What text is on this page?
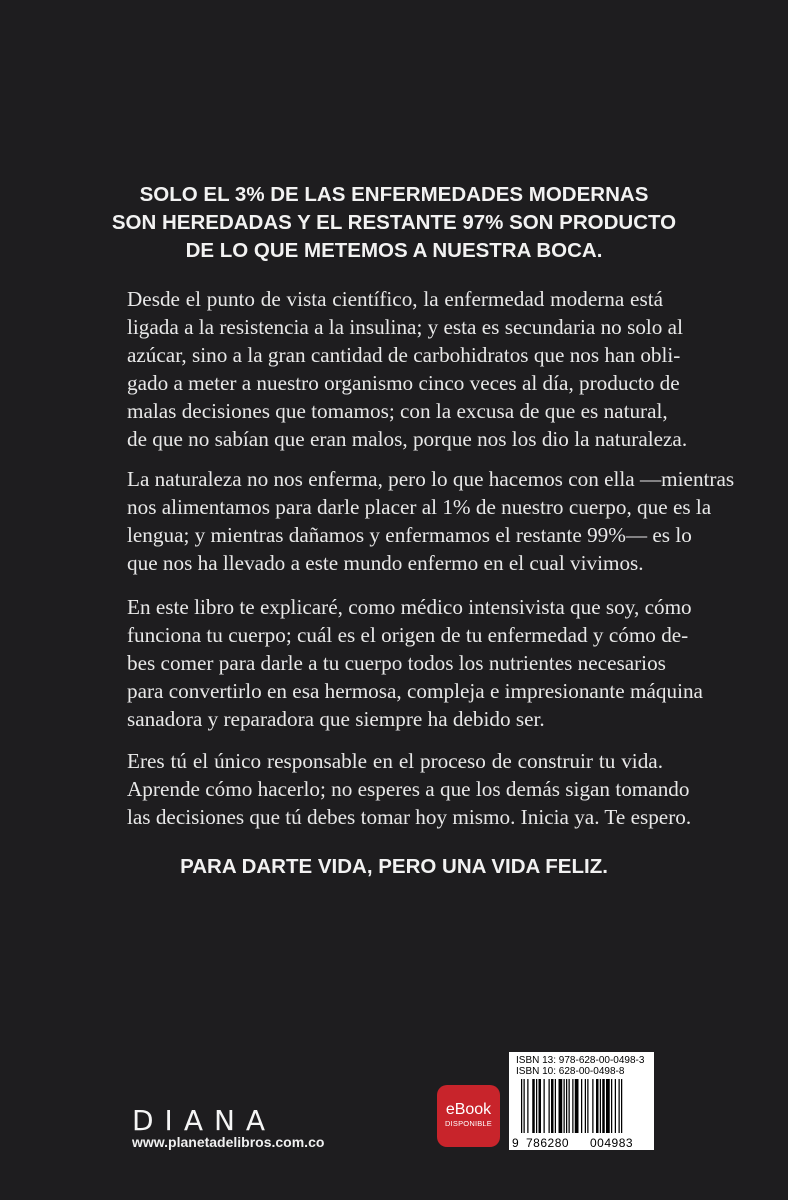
SOLO EL 3% DE LAS ENFERMEDADES MODERNAS
SON HEREDADAS Y EL RESTANTE 97% SON PRODUCTO
DE LO QUE METEMOS A NUESTRA BOCA.
Desde el punto de vista científico, la enfermedad moderna está
ligada a la resistencia a la insulina; y esta es secundaria no solo al
azúcar, sino a la gran cantidad de carbohidratos que nos han obli-
gado a meter a nuestro organismo cinco veces al día, producto de
malas decisiones que tomamos; con la excusa de que es natural,
de que no sabían que eran malos, porque nos los dio la naturaleza.
La naturaleza no nos enferma, pero lo que hacemos con ella —mientras
nos alimentamos para darle placer al 1% de nuestro cuerpo, que es la
lengua; y mientras dañamos y enfermamos el restante 99%— es lo
que nos ha llevado a este mundo enfermo en el cual vivimos.
En este libro te explicaré, como médico intensivista que soy, cómo
funciona tu cuerpo; cuál es el origen de tu enfermedad y cómo de-
bes comer para darle a tu cuerpo todos los nutrientes necesarios
para convertirlo en esa hermosa, compleja e impresionante máquina
sanadora y reparadora que siempre ha debido ser.
Eres tú el único responsable en el proceso de construir tu vida.
Aprende cómo hacerlo; no esperes a que los demás sigan tomando
las decisiones que tú debes tomar hoy mismo. Inicia ya. Te espero.
PARA DARTE VIDA, PERO UNA VIDA FELIZ.
DIANA
www.planetadelibros.com.co
eBook
DISPONIBLE
ISBN 13: 978-628-00-0498-3
ISBN 10: 628-00-0498-8
9 786280 004983
